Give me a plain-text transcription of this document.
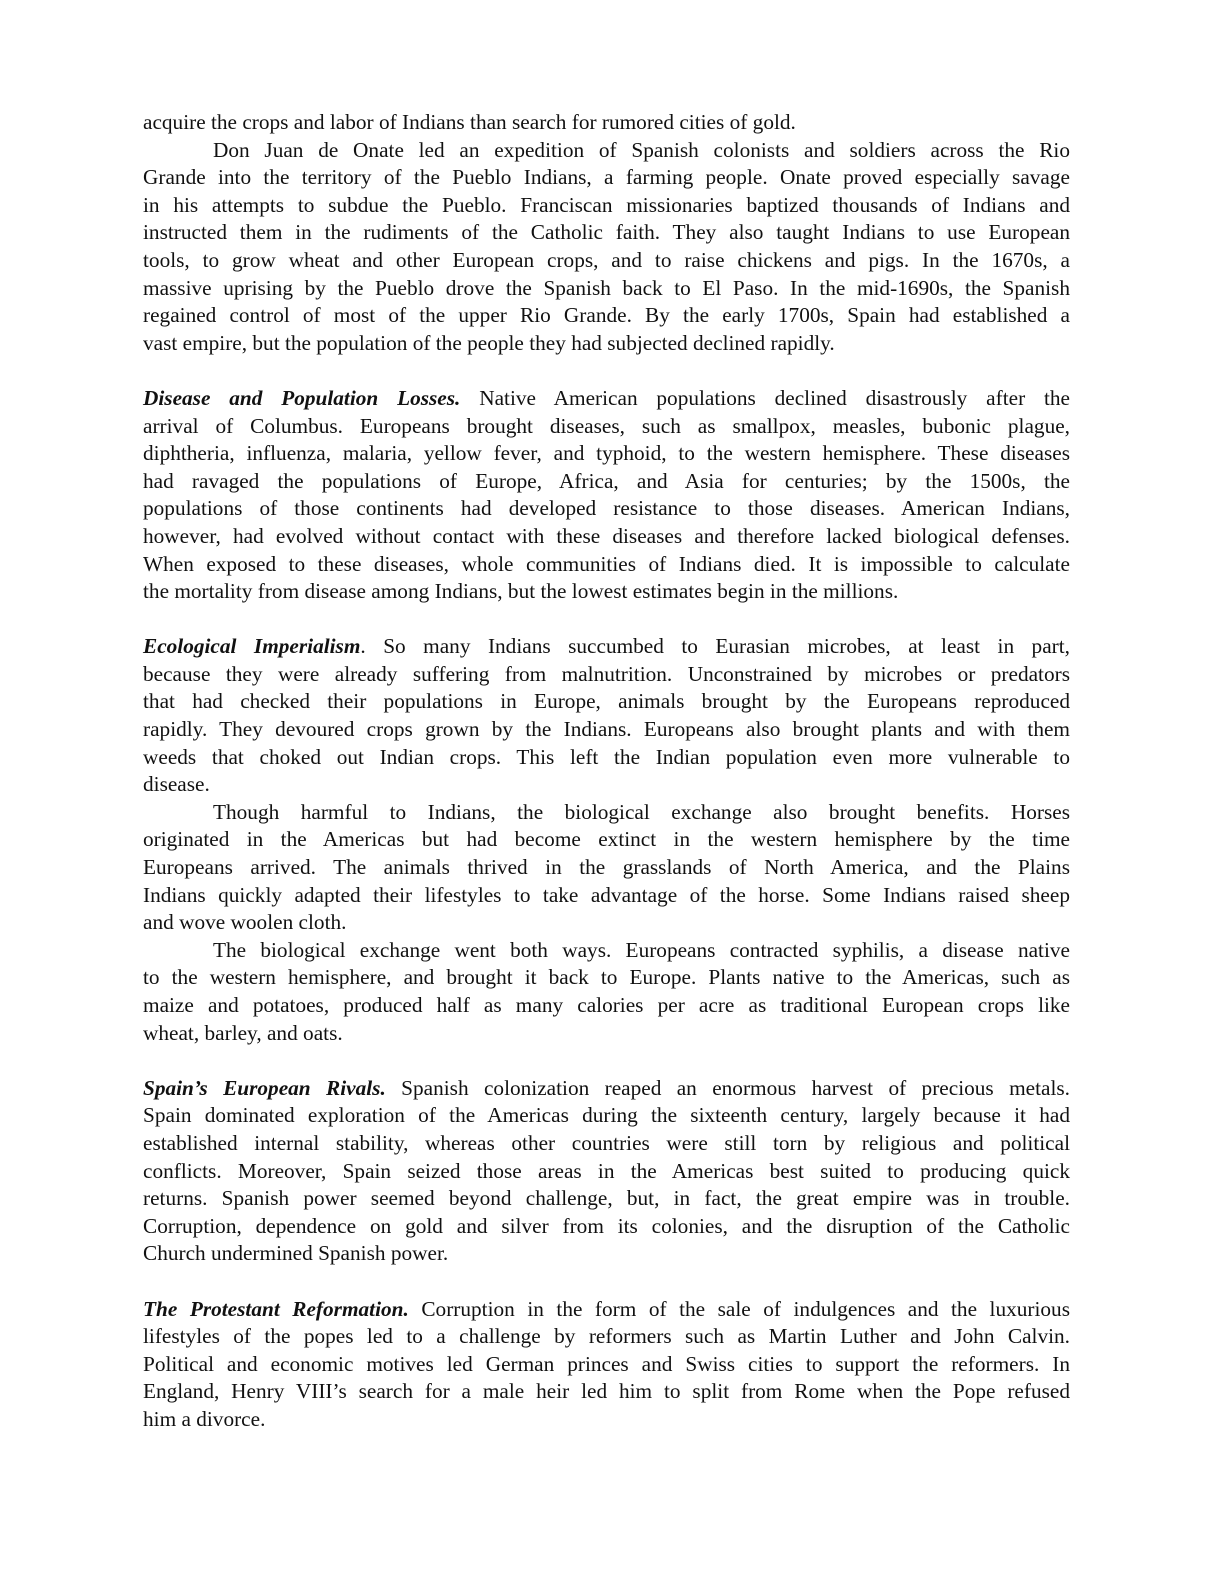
acquire the crops and labor of Indians than search for rumored cities of gold.
Don Juan de Onate led an expedition of Spanish colonists and soldiers across the Rio
Grande into the territory of the Pueblo Indians, a farming people. Onate proved especially savage
in his attempts to subdue the Pueblo. Franciscan missionaries baptized thousands of Indians and
instructed them in the rudiments of the Catholic faith. They also taught Indians to use European
tools, to grow wheat and other European crops, and to raise chickens and pigs. In the 1670s, a
massive uprising by the Pueblo drove the Spanish back to El Paso. In the mid-1690s, the Spanish
regained control of most of the upper Rio Grande. By the early 1700s, Spain had established a
vast empire, but the population of the people they had subjected declined rapidly.
Disease and Population Losses. Native American populations declined disastrously after the
arrival of Columbus. Europeans brought diseases, such as smallpox, measles, bubonic plague,
diphtheria, influenza, malaria, yellow fever, and typhoid, to the western hemisphere. These diseases
had ravaged the populations of Europe, Africa, and Asia for centuries; by the 1500s, the
populations of those continents had developed resistance to those diseases. American Indians,
however, had evolved without contact with these diseases and therefore lacked biological defenses.
When exposed to these diseases, whole communities of Indians died. It is impossible to calculate
the mortality from disease among Indians, but the lowest estimates begin in the millions.
Ecological Imperialism. So many Indians succumbed to Eurasian microbes, at least in part,
because they were already suffering from malnutrition. Unconstrained by microbes or predators
that had checked their populations in Europe, animals brought by the Europeans reproduced
rapidly. They devoured crops grown by the Indians. Europeans also brought plants and with them
weeds that choked out Indian crops. This left the Indian population even more vulnerable to
disease.
Though harmful to Indians, the biological exchange also brought benefits. Horses
originated in the Americas but had become extinct in the western hemisphere by the time
Europeans arrived. The animals thrived in the grasslands of North America, and the Plains
Indians quickly adapted their lifestyles to take advantage of the horse. Some Indians raised sheep
and wove woolen cloth.
The biological exchange went both ways. Europeans contracted syphilis, a disease native
to the western hemisphere, and brought it back to Europe. Plants native to the Americas, such as
maize and potatoes, produced half as many calories per acre as traditional European crops like
wheat, barley, and oats.
Spain’s European Rivals. Spanish colonization reaped an enormous harvest of precious metals.
Spain dominated exploration of the Americas during the sixteenth century, largely because it had
established internal stability, whereas other countries were still torn by religious and political
conflicts. Moreover, Spain seized those areas in the Americas best suited to producing quick
returns. Spanish power seemed beyond challenge, but, in fact, the great empire was in trouble.
Corruption, dependence on gold and silver from its colonies, and the disruption of the Catholic
Church undermined Spanish power.
The Protestant Reformation. Corruption in the form of the sale of indulgences and the luxurious
lifestyles of the popes led to a challenge by reformers such as Martin Luther and John Calvin.
Political and economic motives led German princes and Swiss cities to support the reformers. In
England, Henry VIII’s search for a male heir led him to split from Rome when the Pope refused
him a divorce.
